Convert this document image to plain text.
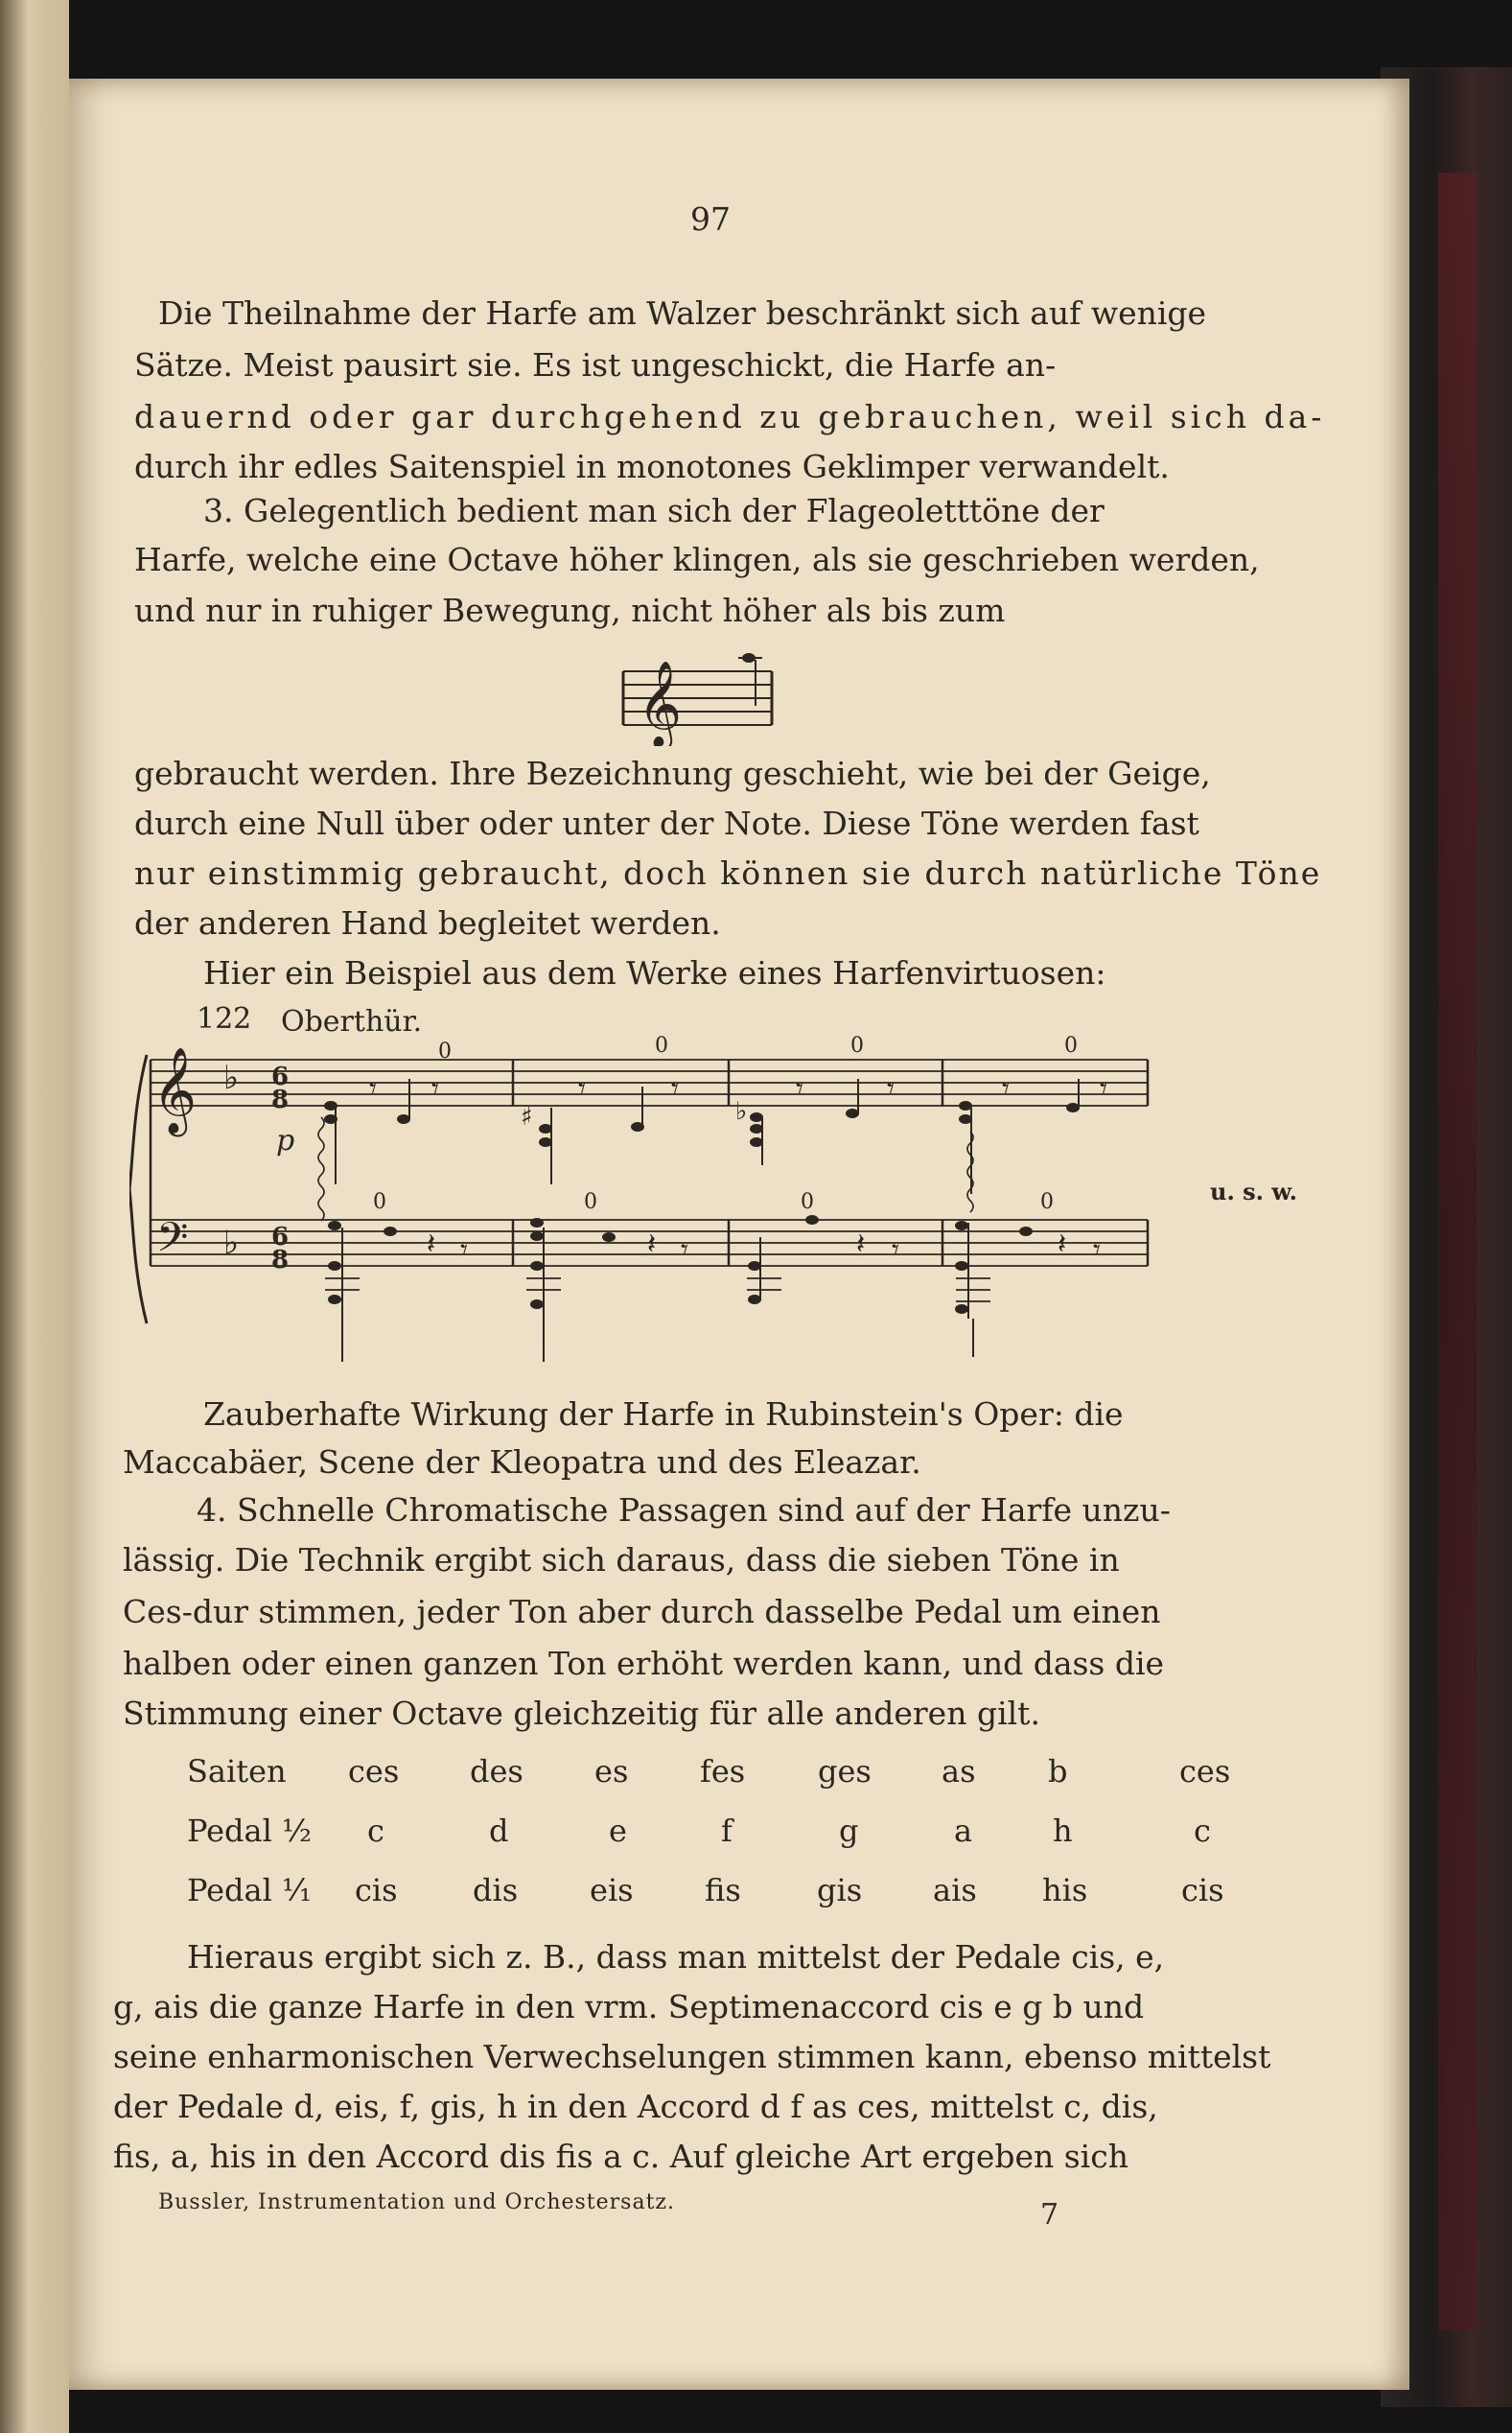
97
Die Theilnahme der Harfe am Walzer beschränkt sich auf wenige
Sätze. Meist pausirt sie. Es ist ungeschickt, die Harfe an-
dauernd oder gar durchgehend zu gebrauchen, weil sich da-
durch ihr edles Saitenspiel in monotones Geklimper verwandelt.
3. Gelegentlich bedient man sich der Flageoletttöne der
Harfe, welche eine Octave höher klingen, als sie geschrieben werden,
und nur in ruhiger Bewegung, nicht höher als bis zum
𝄞
gebraucht werden. Ihre Bezeichnung geschieht, wie bei der Geige,
durch eine Null über oder unter der Note. Diese Töne werden fast
nur einstimmig gebraucht, doch können sie durch natürliche Töne
der anderen Hand begleitet werden.
Hier ein Beispiel aus dem Werke eines Harfenvirtuosen:
122 Oberthür.
p
u. s. w.
𝄞
𝄢
♭
♭
6
8
6
8
0	0	0	0
0	0	0	0
𝄾 𝄾	𝄾	𝄾	𝄾	𝄾	𝄾	𝄾
𝄽 𝄾	𝄽 𝄾	𝄽 𝄾	𝄽 𝄾
♯	♭
Zauberhafte Wirkung der Harfe in Rubinstein's Oper: die
Maccabäer, Scene der Kleopatra und des Eleazar.
4. Schnelle Chromatische Passagen sind auf der Harfe unzu-
lässig. Die Technik ergibt sich daraus, dass die sieben Töne in
Ces-dur stimmen, jeder Ton aber durch dasselbe Pedal um einen
halben oder einen ganzen Ton erhöht werden kann, und dass die
Stimmung einer Octave gleichzeitig für alle anderen gilt.
Saiten ces des es fes ges as b	ces
Pedal ½ c	d	e	f	g	a	h	c
Pedal ¹⁄₁ cis dis eis fis gis ais his	cis
Hieraus ergibt sich z. B., dass man mittelst der Pedale cis, e,
g, ais die ganze Harfe in den vrm. Septimenaccord cis e g b und
seine enharmonischen Verwechselungen stimmen kann, ebenso mittelst
der Pedale d, eis, f, gis, h in den Accord d f as ces, mittelst c, dis,
fis, a, his in den Accord dis fis a c. Auf gleiche Art ergeben sich
Bussler, Instrumentation und Orchestersatz.	7
